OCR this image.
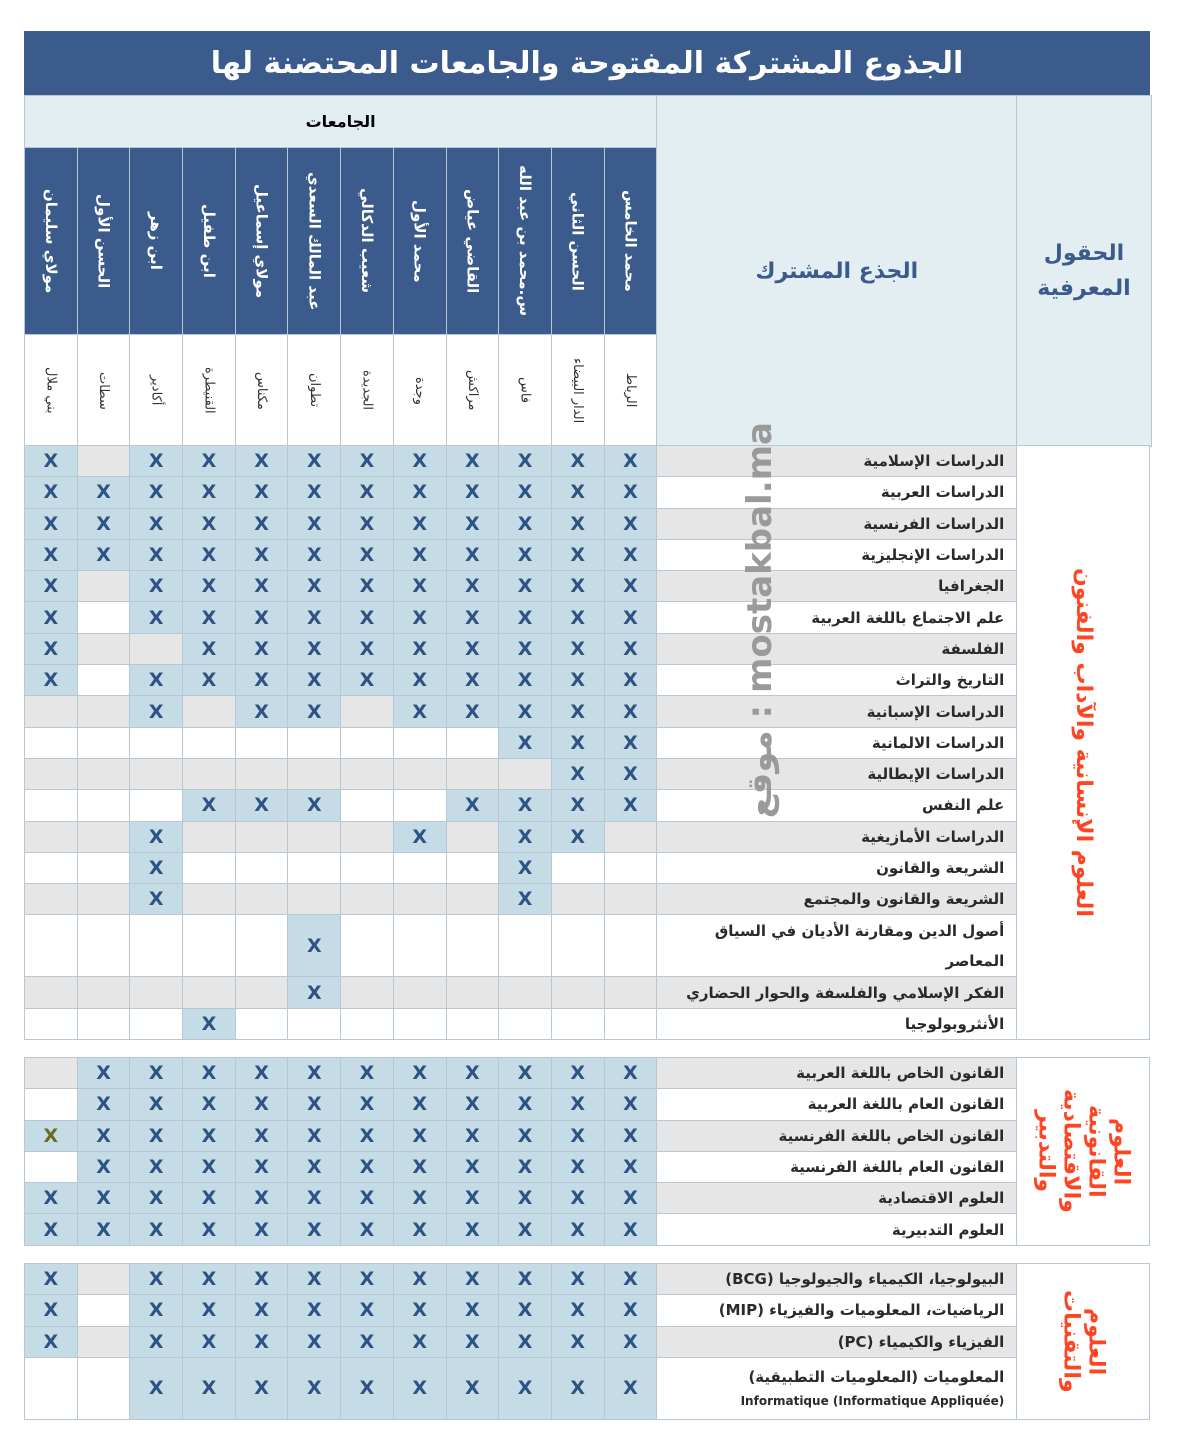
الجذوع المشتركة المفتوحة والجامعات المحتضنة لها
الجامعات												الجذع المشترك	الحقول المعرفية

مولاي سليمان	الحسن الأول	ابن زهر	ابن طفيل	مولاي إسماعيل	عبد المالك السعدي	شعيب الدكالي	محمد الأول	القاضي عياض	س.محمد بن عبد الله	الحسن الثاني	محمد الخامس		

بني ملال	سطات	أكادير	القنيطرة	مكناس	تطوان	الجديدة	وجدة	مراكش	فاس	الدار البيضاء	الرباط		
X		X	X	X	X	X	X	X	X	X	X	الدراسات الإسلامية	العلوم الإنسانية والآداب والفنون

X	X	X	X	X	X	X	X	X	X	X	X	الدراسات العربية	
X	X	X	X	X	X	X	X	X	X	X	X	الدراسات الفرنسية	
X	X	X	X	X	X	X	X	X	X	X	X	الدراسات الإنجليزية	
X		X	X	X	X	X	X	X	X	X	X	الجغرافيا	
X		X	X	X	X	X	X	X	X	X	X	علم الاجتماع باللغة العربية	
X			X	X	X	X	X	X	X	X	X	الفلسفة	
X		X	X	X	X	X	X	X	X	X	X	التاريخ والتراث	
		X		X	X		X	X	X	X	X	الدراسات الإسبانية	
									X	X	X	الدراسات الالمانية	
										X	X	الدراسات الإيطالية	
			X	X	X			X	X	X	X	علم النفس	
		X					X		X	X		الدراسات الأمازيغية	
		X							X			الشريعة والقانون	
		X							X			الشريعة والقانون والمجتمع	
					X							أصول الدين ومقارنة الأديان في السياق المعاصر	
					X							الفكر الإسلامي والفلسفة والحوار الحضاري	
			X									الأنثروبولوجيا	
	X	X	X	X	X	X	X	X	X	X	X	القانون الخاص باللغة العربية	العلوم القانونية والاقتصادية والتدبير

	X	X	X	X	X	X	X	X	X	X	X	القانون العام باللغة العربية	
X	X	X	X	X	X	X	X	X	X	X	X	القانون الخاص باللغة الفرنسية	
	X	X	X	X	X	X	X	X	X	X	X	القانون العام باللغة الفرنسية	
X	X	X	X	X	X	X	X	X	X	X	X	العلوم الاقتصادية	
X	X	X	X	X	X	X	X	X	X	X	X	العلوم التدبيرية	
X		X	X	X	X	X	X	X	X	X	X	البيولوجيا، الكيمياء والجيولوجيا (BCG)	العلوم والتقنيات

X		X	X	X	X	X	X	X	X	X	X	الرياضيات، المعلوميات والفيزياء (MIP)	
X		X	X	X	X	X	X	X	X	X	X	الفيزياء والكيمياء (PC)	
		X	X	X	X	X	X	X	X	X	X	المعلوميات (المعلوميات التطبيقية)
Informatique (Informatique Appliquée)	
موقع : mostakbal.ma
